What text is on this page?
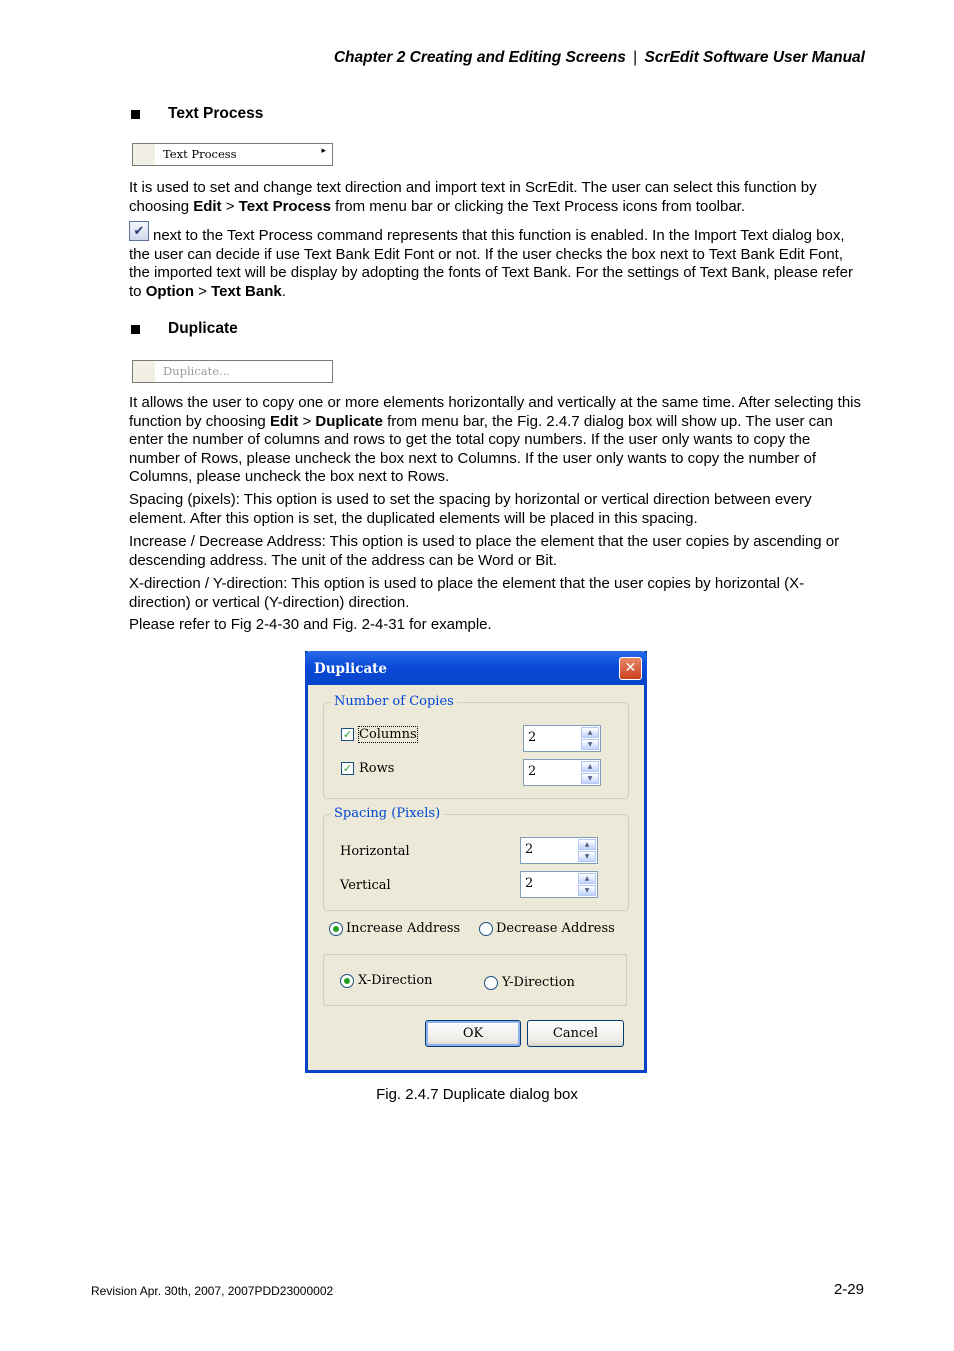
Chapter 2 Creating and Editing Screens | ScrEdit Software User Manual
Text Process
Text Process	▸
It is used to set and change text direction and import text in ScrEdit. The user can select this function by choosing Edit > Text Process from menu bar or clicking the Text Process icons from toolbar.
✔ next to the Text Process command represents that this function is enabled. In the Import Text dialog box, the user can decide if use Text Bank Edit Font or not. If the user checks the box next to Text Bank Edit Font, the imported text will be display by adopting the fonts of Text Bank. For the settings of Text Bank, please refer to Option > Text Bank.
Duplicate
Duplicate...
It allows the user to copy one or more elements horizontally and vertically at the same time. After selecting this function by choosing Edit > Duplicate from menu bar, the Fig. 2.4.7 dialog box will show up. The user can enter the number of columns and rows to get the total copy numbers. If the user only wants to copy the number of Rows, please uncheck the box next to Columns. If the user only wants to copy the number of Columns, please uncheck the box next to Rows.
Spacing (pixels): This option is used to set the spacing by horizontal or vertical direction between every element. After this option is set, the duplicated elements will be placed in this spacing.
Increase / Decrease Address: This option is used to place the element that the user copies by ascending or descending address. The unit of the address can be Word or Bit.
X-direction / Y-direction: This option is used to place the element that the user copies by horizontal (X-direction) or vertical (Y-direction) direction.
Please refer to Fig 2-4-30 and Fig. 2-4-31 for example.
Duplicate	✕
Number of Copies
✓ Columns	2	▲
▼
✓ Rows	2	▲
▼
Spacing (Pixels)
Horizontal	2	▲
▼
Vertical	2	▲
▼
Increase Address	Decrease Address
X-Direction	Y-Direction
OK	Cancel
Fig. 2.4.7 Duplicate dialog box
Revision Apr. 30th, 2007, 2007PDD23000002	2-29
